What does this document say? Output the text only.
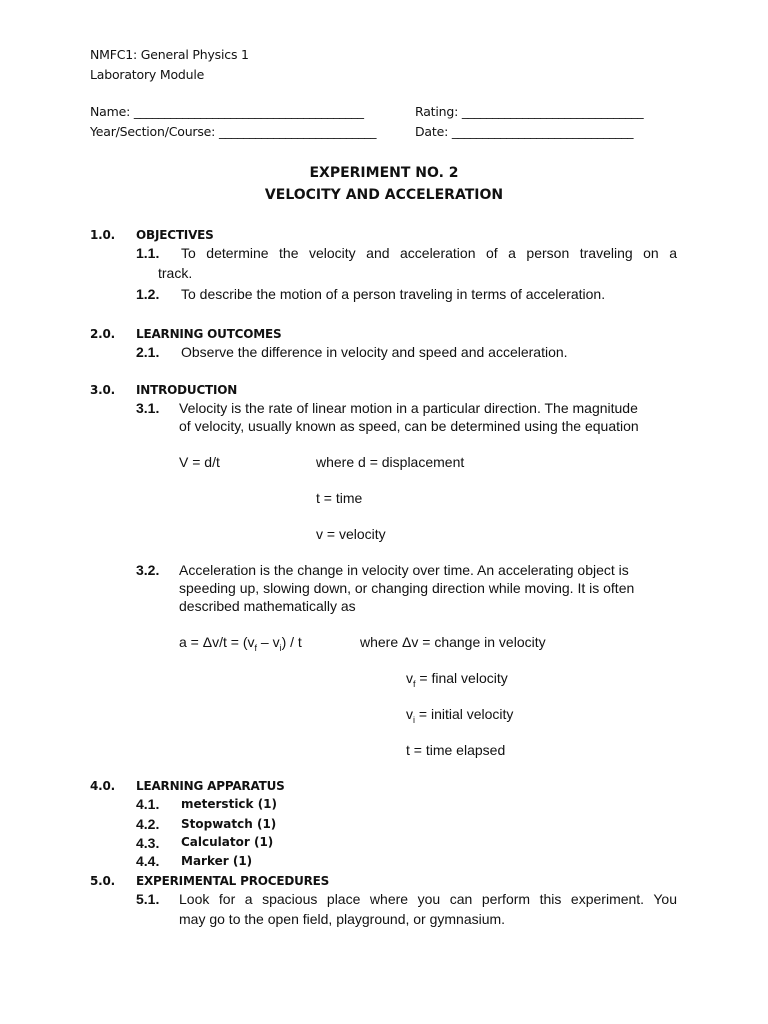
NMFC1: General Physics 1
Laboratory Module
Name: ______________________________________	Rating: ______________________________
Year/Section/Course: __________________________	Date: ______________________________
EXPERIMENT NO. 2
VELOCITY AND ACCELERATION
1.0. OBJECTIVES
1.1. To determine the velocity and acceleration of a person traveling on a
track.
1.2. To describe the motion of a person traveling in terms of acceleration.
2.0. LEARNING OUTCOMES
2.1. Observe the difference in velocity and speed and acceleration.
3.0. INTRODUCTION
3.1. Velocity is the rate of linear motion in a particular direction. The magnitude
of velocity, usually known as speed, can be determined using the equation
V = d/t	where d = displacement
t = time
v = velocity
3.2. Acceleration is the change in velocity over time. An accelerating object is
speeding up, slowing down, or changing direction while moving. It is often
described mathematically as
$a = \Delta v/t = (v_f - v_i) / t$	where Δv = change in velocity
$v_f$ = final velocity
$v_i$ = initial velocity
t = time elapsed
4.0. LEARNING APPARATUS
4.1. meterstick (1)
4.2. Stopwatch (1)
4.3. Calculator (1)
4.4. Marker (1)
5.0. EXPERIMENTAL PROCEDURES
5.1. Look for a spacious place where you can perform this experiment. You
may go to the open field, playground, or gymnasium.
